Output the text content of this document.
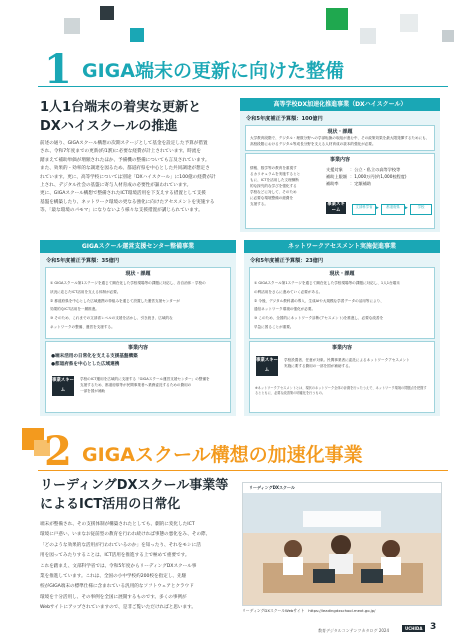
1 GIGA端末の更新に向けた整備
1人1台端末の着実な更新と
DXハイスクールの推進
前述の通り、GIGAスクール構想の次期ステージとして基金を設定した予算が措置
され、令和7年度までの更新(約1割)に必要な経費が計上されています。時流を
踏まえて補助単価が増額されたほか、予備機の整備についても言及されています。
また、効果的・効率的な調達を図るため、都道府県を中心とした共同調達が想定さ
れています。更に、高等学校については別途「DXハイスクール」に100億の経費が計
上され、デジタル社会の基盤に寄与人材育成の必要性が謳われています。
更に、GIGAスクール構想で整備されたICT環境活用を下支えする措置として支援
基盤を構築したり、ネットワーク環境の更なる強化に向けたアセスメントを実施する
等、「最な環境のパモマ」になりないよう様々な支援措置が講じられています。
高等学校DX加速化推進事業（DXハイスクール）
令和5年度補正予算額：100億円
現状・課題
大学教育段階で、デジタル・理数分野への学部転換の取組が進む中、その政策効果を最大限発揮するためにも、
高校段階におけるデジタル等成長分野を支える人材育成の抜本的強化が必要。
事業内容
情報、数学等の教育を重視す
るカリキュラムを実施するとと
もに、ICTを活用した文理横断
的な探究的な学びを強化する
学校などに対して、そのため
に必要な環境整備の経費を
支援する。
支援対象 ：公立・私立の高等学校等
補助上限額 ：1,000万円(約1,000校程度)
補助率	：定額補助
事業スキーム
文部科学省 ▶	都道府県 ▶	学校
GIGAスクール運営支援センター整備事業
令和5年度補正予算額：35億円
現状・課題
① GIGAスクール第1ステージを通じて顕在化した学校現場等の課題に対応し、各自治体・学校の
状況に応じたICT活用を支える体制が必要。
② 都道府県を中心とした広域連携の枠組みを通じて設置した運営支援センターが
効果的なICT活用を一層推進。
③ そのため、これまでの文部省レベルの支援を活かし、引き続き、広域的な
ネットワークの整備、運営を支援する。
事業内容
●端末活用の日常化を支える支援基盤構築
●都道府県を中心とした広域連携
事業スキーム
学校のICT運用を広域的に支援する「GIGAスクール運営支援センター」の整備を
支援するため、都道府県等が民間事業者へ業務委託するための費用の
一部を国が補助
ネットワークアセスメント実施促進事業
令和5年度補正予算額：23億円
現状・課題
① GIGAスクール第1ステージを通じて顕在化した学校現場等の課題に対応し、1人1台端末
の利活用をさらに進めていく必要がある。
② 今後、デジタル教科書の導入、生成AIや大規模な学習データの活用等により、
通信ネットワーク環境の強化が必要。
③ このため、全国的にネットワーク診断(アセスメント)を推進し、必要な改善を
早急に図ることが重要。
事業内容
事業スキーム
学校設置者、任意が対象。民間事業者に委託によるネットワークアセスメント
実施に要する費用の一部を国が補助する。
※ネットワークアセスメントとは、現状のネットワーク全体の計測を行ったうえで、ネットワーク環境の問題点を把握するとともに、必要な改善策の明確化を行うもの。
2 GIGAスクール構想の加速化事業
リーディングDXスクール事業等
によるICT活用の日常化
端末が整備され、その支援体制が構築されたとしても、劇的に変化したICT
環境に戸惑い、いまなお従前型の教育を行われ続ければ事態の悪化をみ、その際、
「どのような効果的な活用が行われているのか」を知ったり、それをモシに活
用を図ってみたりすることは、ICT活用を推進する上で極めて重要です。
これを踏まえ、文部科学省では、令和5年度からリーディングDXスクール事
業を推進しています。これは、全国の小中学校約200校を指定し、先駆
校がGIGA端末の標準仕様に含まれている汎用的なソフトウェアとクラウド
環境を十分活用し、その事例を全国に展開するものです。多くの事例が
Webサイトにアップされていますので、是非ご覧いただければと思います。
リーディングDXスクール
リーディングDXスクールWebサイト　https://leadingdxschool.mext.go.jp/
教育デジタルコンテンツカタログ 2024	UCHIDA 3
